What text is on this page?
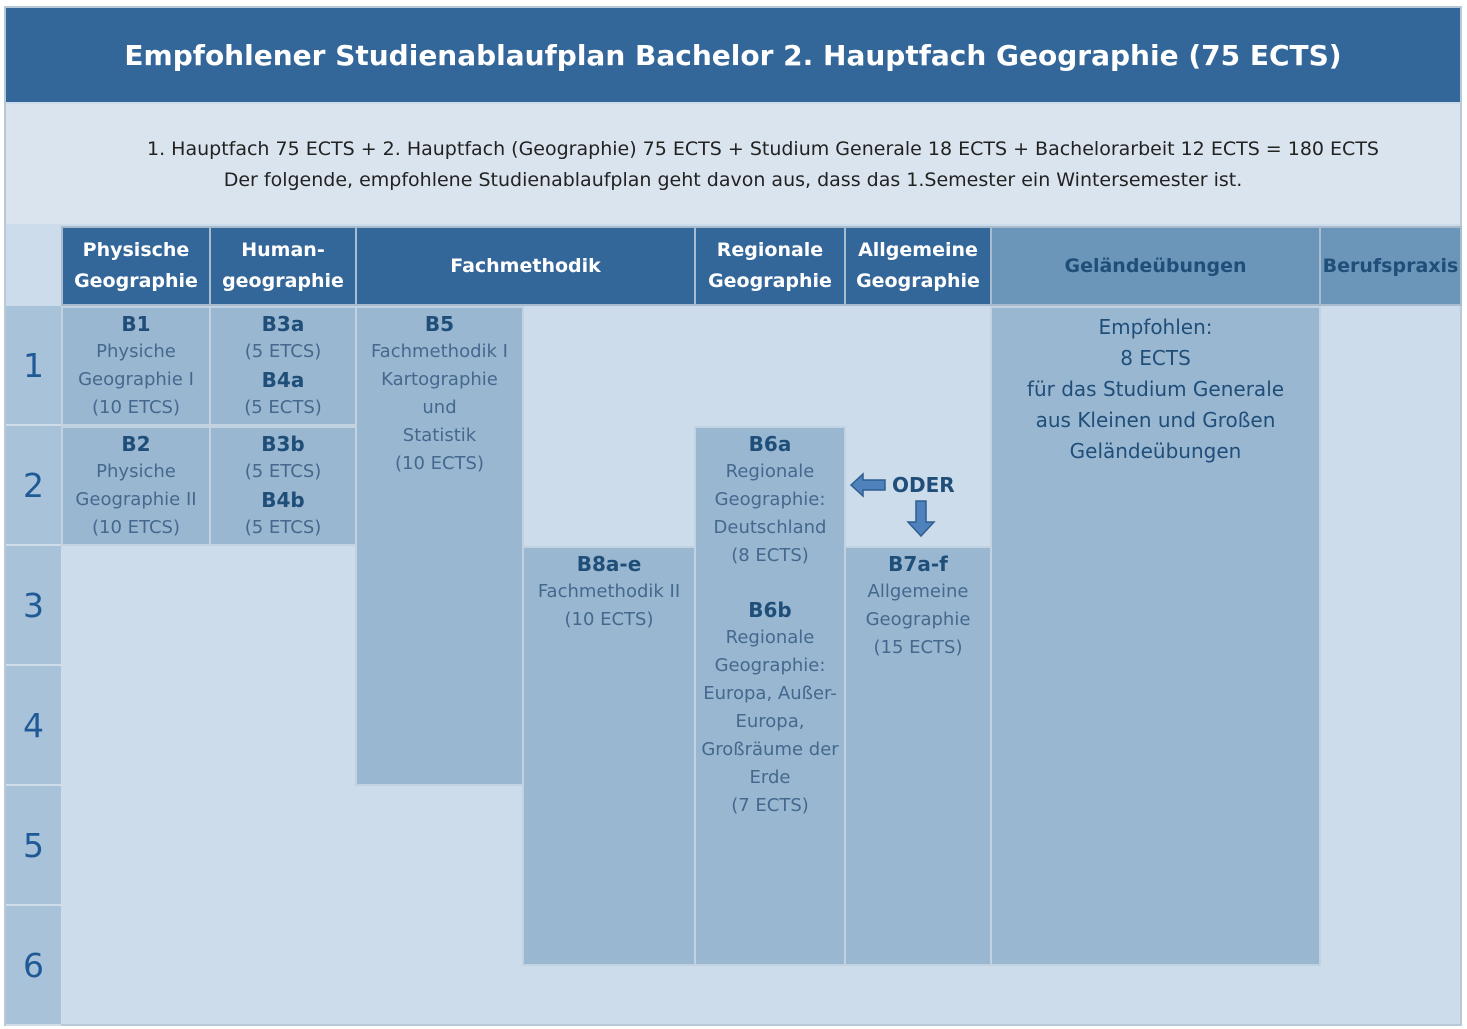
Empfohlener Studienablaufplan Bachelor 2. Hauptfach Geographie (75 ECTS)
1. Hauptfach 75 ECTS + 2. Hauptfach (Geographie) 75 ECTS + Studium Generale 18 ECTS + Bachelorarbeit 12 ECTS = 180 ECTS
Der folgende, empfohlene Studienablaufplan geht davon aus, dass das 1.Semester ein Wintersemester ist.
Physische
Geographie
Human-
geographie
Fachmethodik
Regionale
Geographie
Allgemeine
Geographie
Geländeübungen	Berufspraxis
1
2
3
4
5
6
B1
Physiche
Geographie I
(10 ETCS)
B2
Physiche
Geographie II
(10 ETCS)
B3a
(5 ETCS)
B4a
(5 ECTS)
B3b
(5 ETCS)
B4b
(5 ETCS)
B5
Fachmethodik I
Kartographie
und
Statistik
(10 ECTS)
B8a-e
Fachmethodik II
(10 ECTS)
B6a
Regionale
Geographie:
Deutschland
(8 ECTS)
B6b
Regionale
Geographie:
Europa, Außer-
Europa,
Großräume der
Erde
(7 ECTS)
B7a-f
Allgemeine
Geographie
(15 ECTS)
Empfohlen:
8 ECTS
für das Studium Generale
aus Kleinen und Großen
Geländeübungen
ODER
